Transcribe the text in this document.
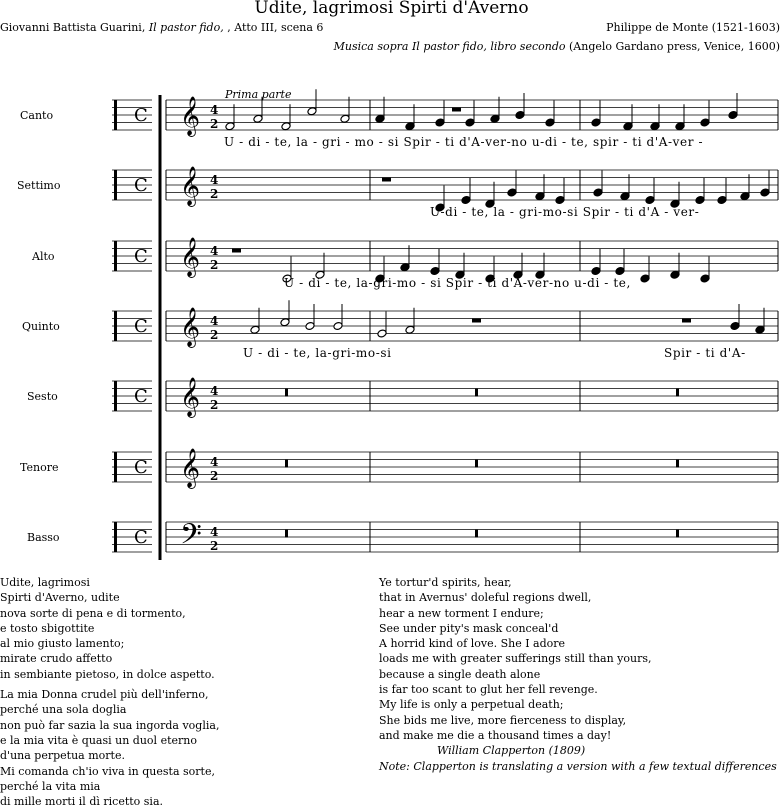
Udite, lagrimosi Spirti d'Averno
Giovanni Battista Guarini, Il pastor fido, , Atto III, scena 6	Philippe de Monte (1521-1603)
Musica sopra Il pastor fido, libro secondo (Angelo Gardano press, Venice, 1600)
C 𝄞 4
2
C 𝄞 4
2
C 𝄞 4
2
C 𝄞 4
2
C 𝄞 4
2
C 𝄞 4
2
C 𝄢 4
2
Canto
Settimo
Alto
Quinto
Sesto
Tenore
Basso
Prima parte
U - di - te, la - gri - mo - si Spir - ti d'A-ver-no u-di - te, spir - ti d'A-ver -
U-di - te, la - gri-mo-si Spir - ti d'A - ver-
U - di - te, la-gri-mo - si Spir - ti d'A-ver-no u-di - te,
U - di - te, la-gri-mo-si	Spir - ti d'A-
Udite, lagrimosi
Spirti d'Averno, udite
nova sorte di pena e di tormento,
e tosto sbigottite
al mio giusto lamento;
mirate crudo affetto
in sembiante pietoso, in dolce aspetto.
La mia Donna crudel più dell'inferno,
perché una sola doglia
non può far sazia la sua ingorda voglia,
e la mia vita è quasi un duol eterno
d'una perpetua morte.
Mi comanda ch'io viva in questa sorte,
perché la vita mia
di mille morti il dì ricetto sia.
Ye tortur'd spirits, hear,
that in Avernus' doleful regions dwell,
hear a new torment I endure;
See under pity's mask conceal'd
A horrid kind of love. She I adore
loads me with greater sufferings still than yours,
because a single death alone
is far too scant to glut her fell revenge.
My life is only a perpetual death;
She bids me live, more fierceness to display,
and make me die a thousand times a day!
William Clapperton (1809)
Note: Clapperton is translating a version with a few textual differences
